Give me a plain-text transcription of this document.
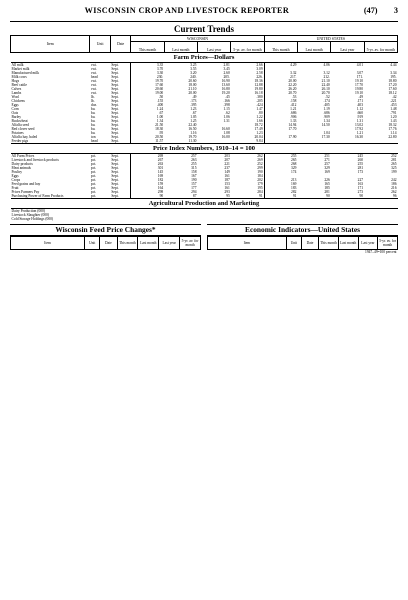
WISCONSIN CROP AND LIVESTOCK REPORTER	(47) 3
Current Trends
Item	Unit	Date	WISCONSIN				UNITED STATES			
			This month	Last month	Last year	5-yr. av. for month	This month	Last month	Last year	5-yr. av. for month
Farm Prices—Dollars										
All milk	cwt.	Sept.	3.35	3.25	2.81	2.66	4.29	4.06	4.01	4.44
Market milk	cwt.	Sept.	3.70	3.55	3.45	3.09				
Manufactured milk	cwt.	Sept.	3.30	3.20	2.60	2.58	3.32	3.12	3.07	3.34
Milk cows	head	Sept.	230.	240.	205.	226.	217.	212.	171.	195.
Hogs	cwt.	Sept.	19.70	20.60	16.90	18.36	20.00	21.10	19.10	18.80
Beef cattle	cwt.	Sept.	17.60	18.00	13.60	12.88	22.20	22.40	17.70	17.20
Calves	cwt.	Sept.	20.60	21.10	16.80	19.80	26.20	26.10	19.80	17.60
Lambs	cwt.	Sept.	19.00	20.00	19.20	16.18	20.70	20.70	19.10	18.12
Wool	lb.	Sept.	.50	.49	.45	.380	.53	.52	.49	.42
Chickens	lb.	Sept.	.155	.173	.166	.205	.158	.174	.171	.221
Eggs	doz.	Sept.	.400	.395	.398	.424	.412	.405	.403	.453
Corn	bu.	Sept.	1.24	1.23	1.15	1.47	1.21	1.19	1.12	1.48
Oats	bu.	Sept.	.67	.67	.62	.80	.686	.686	.660	.791
Barley	bu.	Sept.	1.00	1.05	1.06	1.22	.906	.909	.919	1.20
Buckwheat	bu.	Sept.	1.34	1.25	1.31	1.66	1.33	1.34	1.31	1.43
Alfalfa seed	bu.	Sept.	21.50	22.40		18.72	14.94	14.50	13.02	18.32
Red clover seed	bu.	Sept.	18.30	16.50	16.60	17.49	17.70		17.92	17.76
Potatoes	bu.	Sept.	.95	1.16	1.08	1.23		1.04	1.21	1.14
Alfalfa hay, baled	ton	Sept.	20.50	19.70	16.00	20.04	17.90	17.30	16.30	22.80
Feeder pigs	head	Sept.	11.57	11.30		9.84				
Price Index Numbers, 1910–14 = 100										
All Farm Prices	pct.	Sept.	269	257	203	262	255	251	245	252
Livestock and livestock products	pct.	Sept.	267	263	207	269	265	271	260	281
Dairy products	pct.	Sept.	263	255	221	252	268	257	255	265
Meat animals	pct.	Sept.	301	315	237	299	329	329	281	325
Poultry	pct.	Sept.	145	158	149	190	174	169	173	199
Eggs	pct.	Sept.	169	167	161	184				
Crops	pct.	Sept.	182	190	187	202	213	226	227	242
Feed grains and hay	pct.	Sept.	159	157	153	179	169	165	163	186
Fruit	pct.	Sept.	164	177	161	195	183	185	171	216
Prices Farmers Pay	pct.	Sept.	298	294	293	284	282	281	273	262
Purchasing Power of Farm Products	pct.	Sept.	90	87	95	91	91	90	90	96
Agricultural Production and Marketing										
Dairy Production (000)										
Livestock Slaughter (000)										
Cold Storage Holdings (000)										
Wisconsin Feed Price Changes*
Item	Unit	Date	This month	Last month	Last year	5-yr. av. for month
Economic Indicators—United States
Item	Unit	Date	This month	Last month	Last year	5-yr. av. for month
			1947–49=100 percent			
